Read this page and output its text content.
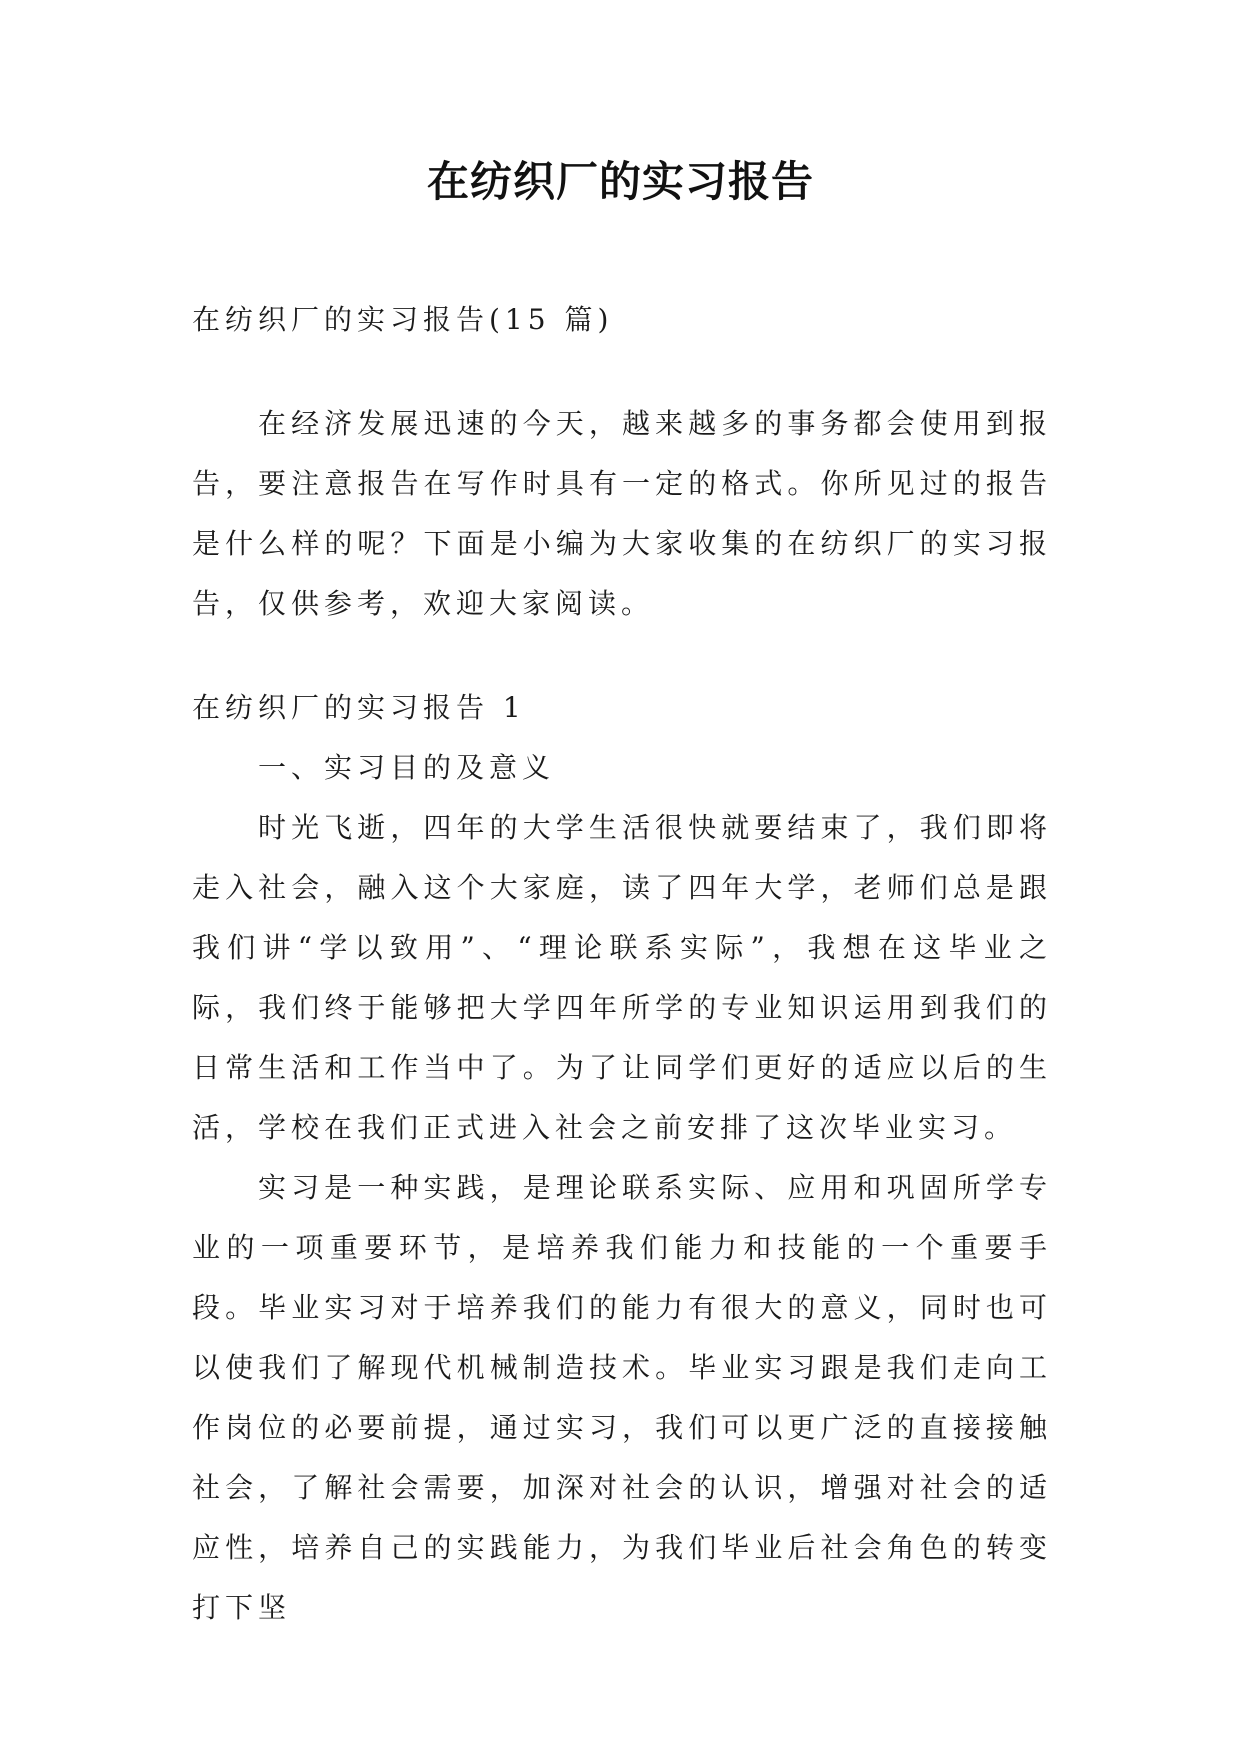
在纺织厂的实习报告

在纺织厂的实习报告(15 篇)

在经济发展迅速的今天，越来越多的事务都会使用到报告，要注意报告在写作时具有一定的格式。你所见过的报告是什么样的呢？下面是小编为大家收集的在纺织厂的实习报告，仅供参考，欢迎大家阅读。

在纺织厂的实习报告 1

一、实习目的及意义

时光飞逝，四年的大学生活很快就要结束了，我们即将走入社会，融入这个大家庭，读了四年大学，老师们总是跟我们讲“学以致用”、“理论联系实际”，我想在这毕业之际，我们终于能够把大学四年所学的专业知识运用到我们的日常生活和工作当中了。为了让同学们更好的适应以后的生活，学校在我们正式进入社会之前安排了这次毕业实习。

实习是一种实践，是理论联系实际、应用和巩固所学专业的一项重要环节，是培养我们能力和技能的一个重要手段。毕业实习对于培养我们的能力有很大的意义，同时也可以使我们了解现代机械制造技术。毕业实习跟是我们走向工作岗位的必要前提，通过实习，我们可以更广泛的直接接触社会，了解社会需要，加深对社会的认识，增强对社会的适应性，培养自己的实践能力，为我们毕业后社会角色的转变打下坚
